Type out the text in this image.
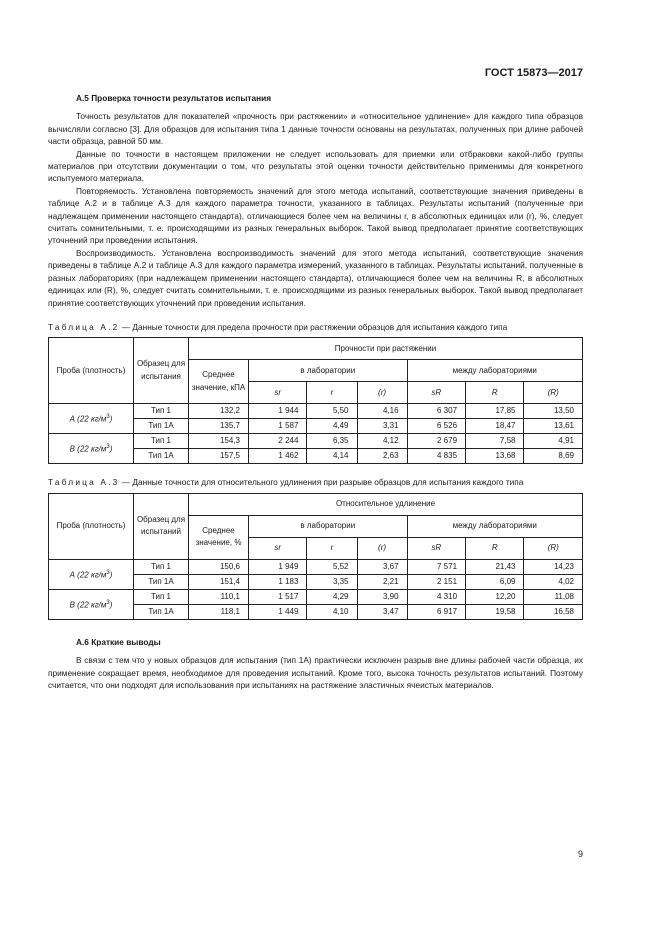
ГОСТ 15873—2017
А.5 Проверка точности результатов испытания

Точность результатов для показателей «прочность при растяжении» и «относительное удлинение» для каждого типа образцов вычисляли согласно [3]. Для образцов для испытания типа 1 данные точности основаны на результатах, полученных при длине рабочей части образца, равной 50 мм.

Данные по точности в настоящем приложении не следует использовать для приемки или отбраковки какой-либо группы материалов при отсутствии документации о том, что результаты этой оценки точности действительно применимы для конкретного испытуемого материала.

Повторяемость. Установлена повторяемость значений для этого метода испытаний, соответствующие значения приведены в таблице А.2 и в таблице А.3 для каждого параметра точности, указанного в таблицах. Результаты испытаний (полученные при надлежащем применении настоящего стандарта), отличающиеся более чем на величины r, в абсолютных единицах или (r), %, следует считать сомнительными, т. е. происходящими из разных генеральных выборок. Такой вывод предполагает принятие соответствующих уточнений при проведении испытания.

Воспроизводимость. Установлена воспроизводимость значений для этого метода испытаний, соответствующие значения приведены в таблице А.2 и таблице А.3 для каждого параметра измерений, указанного в таблицах. Результаты испытаний, полученные в разных лабораториях (при надлежащем применении настоящего стандарта), отличающиеся более чем на величины R, в абсолютных единицах или (R), %, следует считать сомнительными, т. е. происходящими из разных генеральных выборок. Такой вывод предполагает принятие соответствующих уточнений при проведении испытания.

Таблица А.2 — Данные точности для предела прочности при растяжении образцов для испытания каждого типа
Проба (плотность)	Образец для испытания	Прочности при растяжении						
		Среднее значение, кПА	в лаборатории			между лабораториями		
			sr	r	(r)	sR	R	(R)
А (22 $кг/м^3$)	Тип 1	132,2	1 944	5,50	4,16	6 307	17,85	13,50
	Тип 1А	135,7	1 587	4,49	3,31	6 526	18,47	13,61
В (22 $кг/м^3$)	Тип 1	154,3	2 244	6,35	4,12	2 679	7,58	4,91
	Тип 1А	157,5	1 462	4,14	2,63	4 835	13,68	8,69
Таблица А.3 — Данные точности для относительного удлинения при разрыве образцов для испытания каждого типа
Проба (плотность)	Образец для испытаний	Относительное удлинение						
		Среднее значение, %	в лаборатории			между лабораториями		
			sr	r	(r)	sR	R	(R)
А (22 $кг/м^3$)	Тип 1	150,6	1 949	5,52	3,67	7 571	21,43	14,23
	Тип 1А	151,4	1 183	3,35	2,21	2 151	6,09	4,02
В (22 $кг/м^3$)	Тип 1	110,1	1 517	4,29	3,90	4 310	12,20	11,08
	Тип 1А	118,1	1 449	4,10	3,47	6 917	19,58	16,58
А.6 Краткие выводы

В связи с тем что у новых образцов для испытания (тип 1А) практически исключен разрыв вне длины рабочей части образца, их применение сокращает время, необходимое для проведения испытаний. Кроме того, высока точность результатов испытаний. Поэтому считается, что они подходят для использования при испытаниях на растяжение эластичных ячеистых материалов.

9
